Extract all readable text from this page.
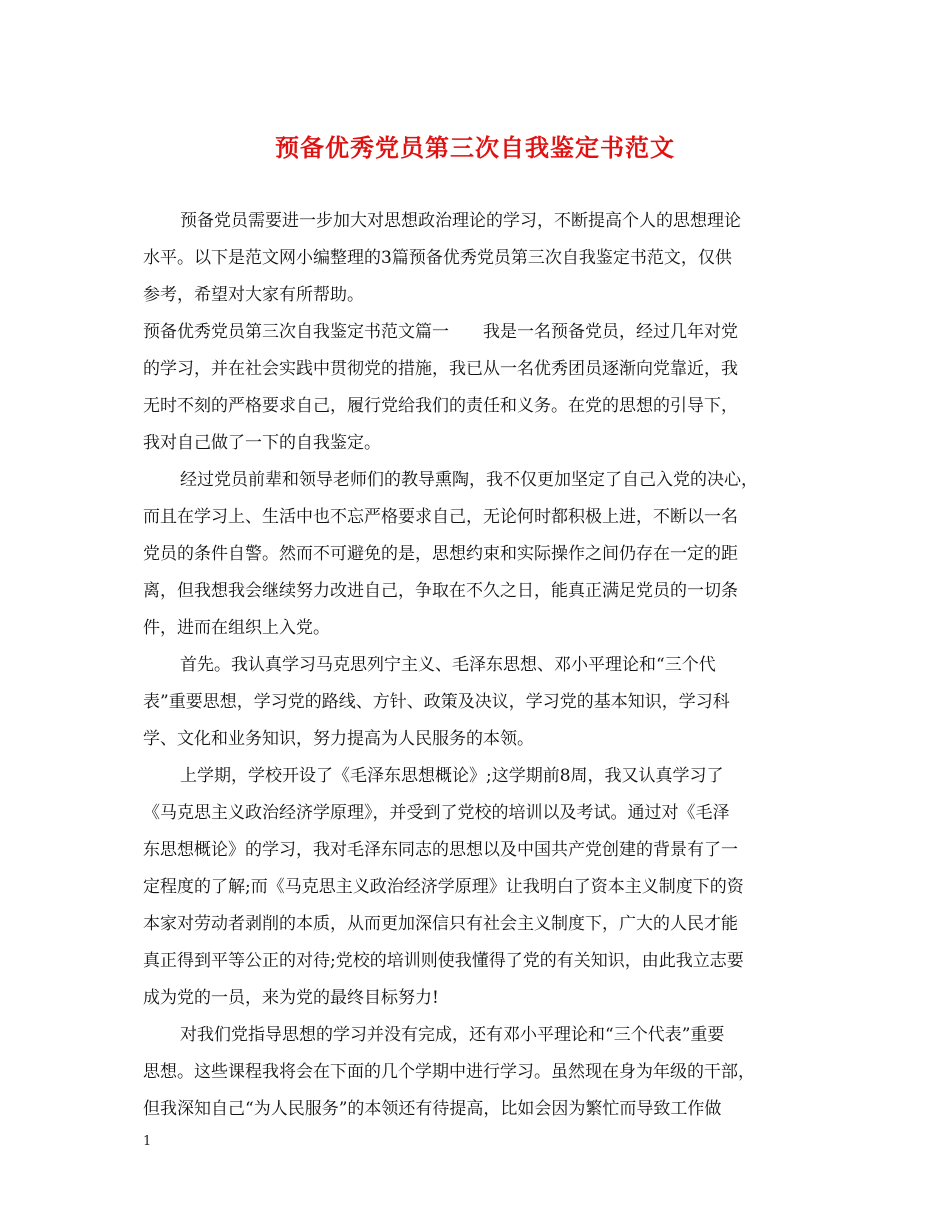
预备优秀党员第三次自我鉴定书范文
预备党员需要进一步加大对思想政治理论的学习，不断提高个人的思想理论
水平。以下是范文网小编整理的3篇预备优秀党员第三次自我鉴定书范文，仅供
参考，希望对大家有所帮助。
预备优秀党员第三次自我鉴定书范文篇一　　我是一名预备党员，经过几年对党
的学习，并在社会实践中贯彻党的措施，我已从一名优秀团员逐渐向党靠近，我
无时不刻的严格要求自己，履行党给我们的责任和义务。在党的思想的引导下，
我对自己做了一下的自我鉴定。
经过党员前辈和领导老师们的教导熏陶，我不仅更加坚定了自己入党的决心，
而且在学习上、生活中也不忘严格要求自己，无论何时都积极上进，不断以一名
党员的条件自警。然而不可避免的是，思想约束和实际操作之间仍存在一定的距
离，但我想我会继续努力改进自己，争取在不久之日，能真正满足党员的一切条
件，进而在组织上入党。
首先。我认真学习马克思列宁主义、毛泽东思想、邓小平理论和“三个代
表”重要思想，学习党的路线、方针、政策及决议，学习党的基本知识，学习科
学、文化和业务知识，努力提高为人民服务的本领。
上学期，学校开设了《毛泽东思想概论》;这学期前8周，我又认真学习了
《马克思主义政治经济学原理》，并受到了党校的培训以及考试。通过对《毛泽
东思想概论》的学习，我对毛泽东同志的思想以及中国共产党创建的背景有了一
定程度的了解;而《马克思主义政治经济学原理》让我明白了资本主义制度下的资
本家对劳动者剥削的本质，从而更加深信只有社会主义制度下，广大的人民才能
真正得到平等公正的对待;党校的培训则使我懂得了党的有关知识，由此我立志要
成为党的一员，来为党的最终目标努力!
对我们党指导思想的学习并没有完成，还有邓小平理论和“三个代表”重要
思想。这些课程我将会在下面的几个学期中进行学习。虽然现在身为年级的干部，
但我深知自己“为人民服务”的本领还有待提高，比如会因为繁忙而导致工作做
1
